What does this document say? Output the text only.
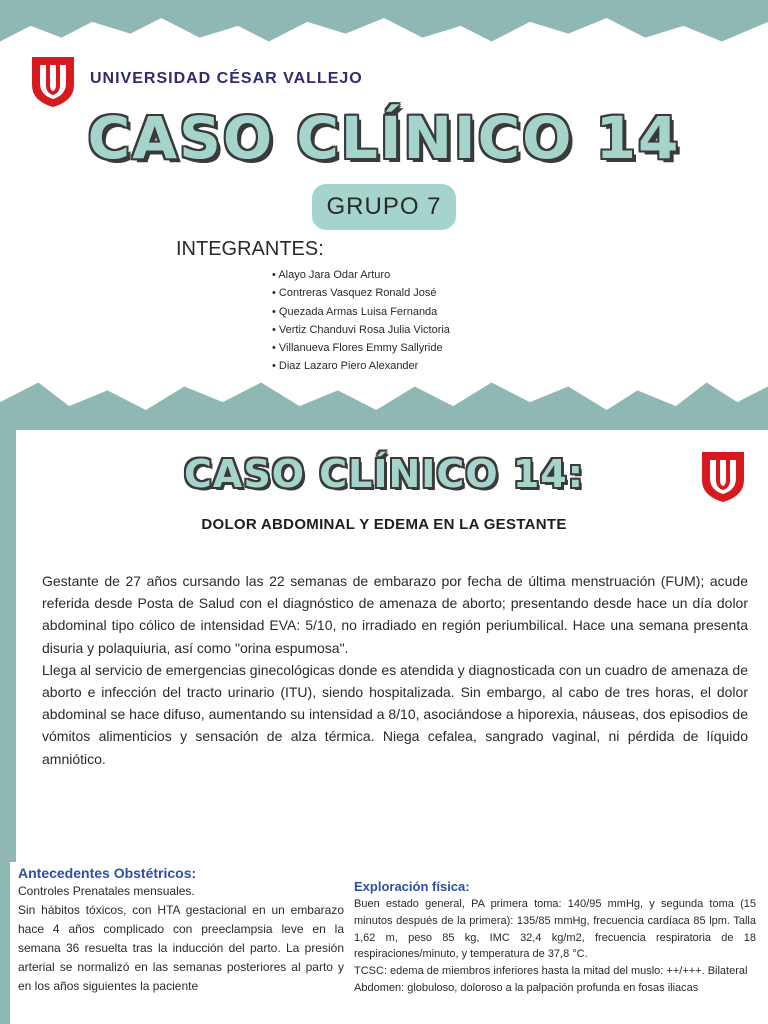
UNIVERSIDAD CÉSAR VALLEJO
CASO CLÍNICO 14
GRUPO 7
INTEGRANTES:
• Alayo Jara Odar Arturo
• Contreras Vasquez Ronald José
• Quezada Armas Luisa Fernanda
• Vertiz Chanduvi Rosa Julia Victoria
• Villanueva Flores Emmy Sallyride
• Diaz Lazaro Piero Alexander
CASO CLÍNICO 14:
DOLOR ABDOMINAL Y EDEMA EN LA GESTANTE

Gestante de 27 años cursando las 22 semanas de embarazo por fecha de última menstruación (FUM); acude referida desde Posta de Salud con el diagnóstico de amenaza de aborto; presentando desde hace un día dolor abdominal tipo cólico de intensidad EVA: 5/10, no irradiado en región periumbilical. Hace una semana presenta disuria y polaquiuria, así como "orina espumosa".

Llega al servicio de emergencias ginecológicas donde es atendida y diagnosticada con un cuadro de amenaza de aborto e infección del tracto urinario (ITU), siendo hospitalizada. Sin embargo, al cabo de tres horas, el dolor abdominal se hace difuso, aumentando su intensidad a 8/10, asociándose a hiporexia, náuseas, dos episodios de vómitos alimenticios y sensación de alza térmica. Niega cefalea, sangrado vaginal, ni pérdida de líquido amniótico.

Antecedentes Obstétricos:

Controles Prenatales mensuales.

Sin hábitos tóxicos, con HTA gestacional en un embarazo hace 4 años complicado con preeclampsia leve en la semana 36 resuelta tras la inducción del parto. La presión arterial se normalizó en las semanas posteriores al parto y en los años siguientes la paciente

Exploración física:

Buen estado general, PA primera toma: 140/95 mmHg, y segunda toma (15 minutos después de la primera): 135/85 mmHg, frecuencia cardíaca 85 lpm. Talla 1,62 m, peso 85 kg, IMC 32,4 kg/m2, frecuencia respiratoria de 18 respiraciones/minuto, y temperatura de 37,8 °C.

TCSC: edema de miembros inferiores hasta la mitad del muslo: ++/+++. Bilateral

Abdomen: globuloso, doloroso a la palpación profunda en fosas iliacas
